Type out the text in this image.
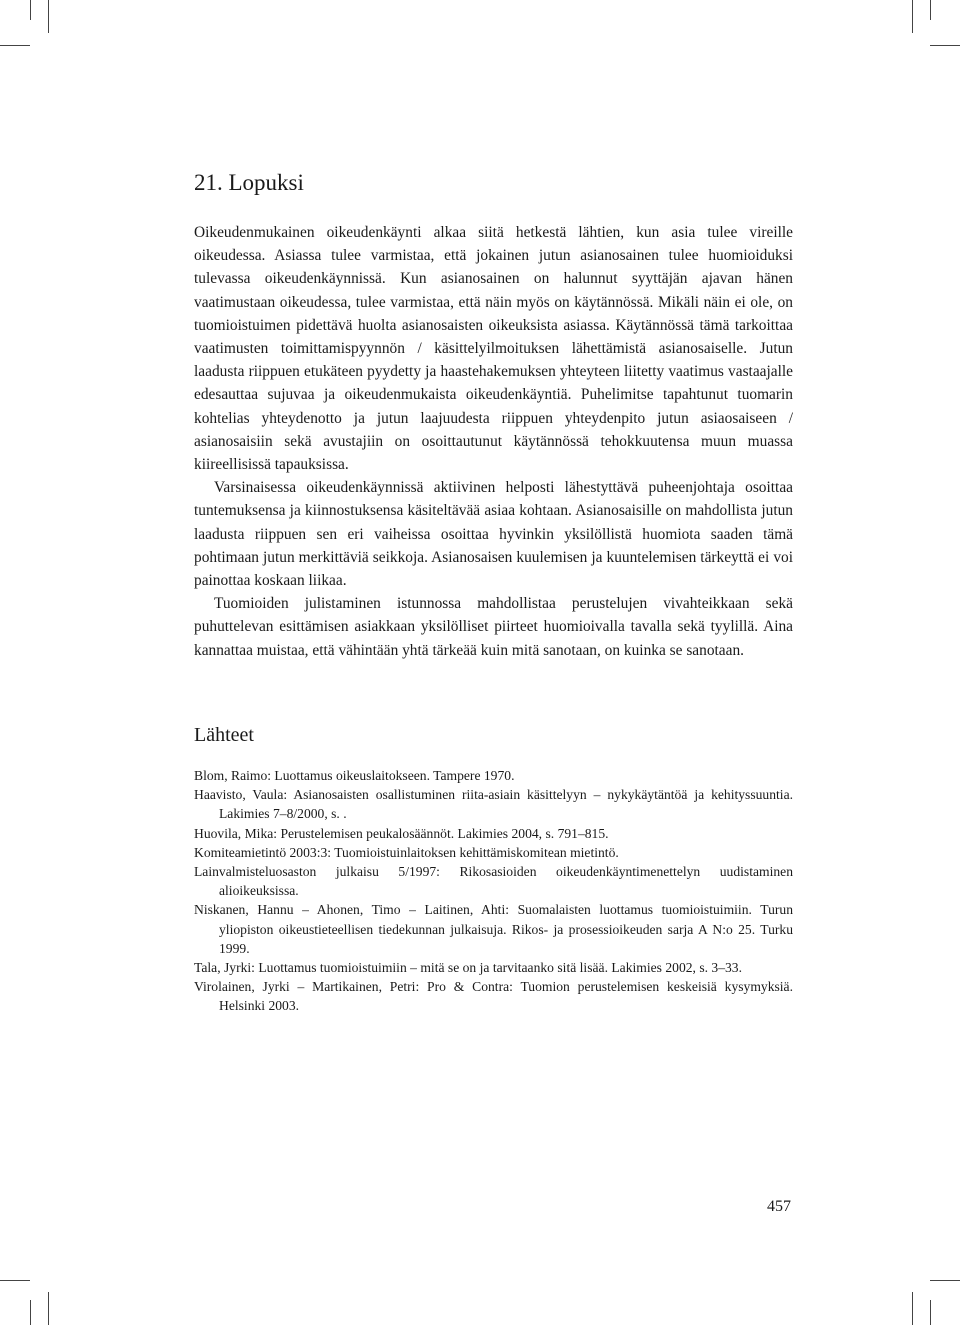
21. Lopuksi

Oikeudenmukainen oikeudenkäynti alkaa siitä hetkestä lähtien, kun asia tulee vireille oikeudessa. Asiassa tulee varmistaa, että jokainen jutun asianosainen tulee huomioiduksi tulevassa oikeudenkäynnissä. Kun asianosainen on halunnut syyttäjän ajavan hänen vaatimustaan oikeudessa, tulee varmistaa, että näin myös on käytännössä. Mikäli näin ei ole, on tuomioistuimen pidettävä huolta asianosaisten oikeuksista asiassa. Käytännössä tämä tarkoittaa vaatimusten toimittamispyynnön / käsittelyilmoituksen lähettämistä asianosaiselle. Jutun laadusta riippuen etukäteen pyydetty ja haastehakemuksen yhteyteen liitetty vaatimus vastaajalle edesauttaa sujuvaa ja oikeudenmukaista oikeudenkäyntiä. Puhelimitse tapahtunut tuomarin kohtelias yhteydenotto ja jutun laajuudesta riippuen yhteydenpito jutun asiaosaiseen / asianosaisiin sekä avustajiin on osoittautunut käytännössä tehokkuutensa muun muassa kiireellisissä tapauksissa.

Varsinaisessa oikeudenkäynnissä aktiivinen helposti lähestyttävä puheenjohtaja osoittaa tuntemuksensa ja kiinnostuksensa käsiteltävää asiaa kohtaan. Asianosaisille on mahdollista jutun laadusta riippuen sen eri vaiheissa osoittaa hyvinkin yksilöllistä huomiota saaden tämä pohtimaan jutun merkittäviä seikkoja. Asianosaisen kuulemisen ja kuuntelemisen tärkeyttä ei voi painottaa koskaan liikaa.

Tuomioiden julistaminen istunnossa mahdollistaa perustelujen vivahteikkaan sekä puhuttelevan esittämisen asiakkaan yksilölliset piirteet huomioivalla tavalla sekä tyylillä. Aina kannattaa muistaa, että vähintään yhtä tärkeää kuin mitä sanotaan, on kuinka se sanotaan.

Lähteet
Blom, Raimo: Luottamus oikeuslaitokseen. Tampere 1970.
Haavisto, Vaula: Asianosaisten osallistuminen riita-asiain käsittelyyn – nykykäytäntöä ja kehityssuuntia. Lakimies 7–8/2000, s. .
Huovila, Mika: Perustelemisen peukalosäännöt. Lakimies 2004, s. 791–815.
Komiteamietintö 2003:3: Tuomioistuinlaitoksen kehittämiskomitean mietintö.
Lainvalmisteluosaston julkaisu 5/1997: Rikosasioiden oikeudenkäyntimenettelyn uudistaminen alioikeuksissa.
Niskanen, Hannu – Ahonen, Timo – Laitinen, Ahti: Suomalaisten luottamus tuomioistuimiin. Turun yliopiston oikeustieteellisen tiedekunnan julkaisuja. Rikos- ja prosessioikeuden sarja A N:o 25. Turku 1999.
Tala, Jyrki: Luottamus tuomioistuimiin – mitä se on ja tarvitaanko sitä lisää. Lakimies 2002, s. 3–33.
Virolainen, Jyrki – Martikainen, Petri: Pro & Contra: Tuomion perustelemisen keskeisiä kysymyksiä. Helsinki 2003.
457
